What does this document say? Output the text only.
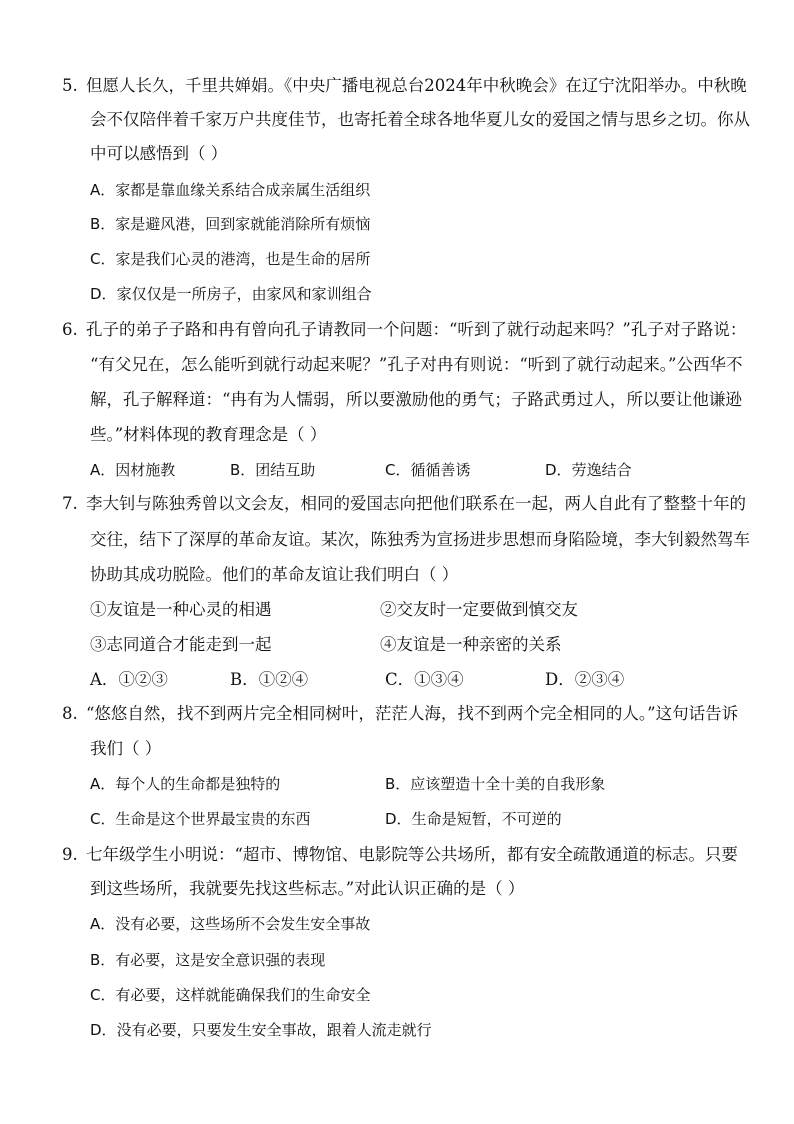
5. 但愿人长久，千里共婵娟。《中央广播电视总台2024年中秋晚会》在辽宁沈阳举办。中秋晚
会不仅陪伴着千家万户共度佳节，也寄托着全球各地华夏儿女的爱国之情与思乡之切。你从
中可以感悟到（ ）
A．家都是靠血缘关系结合成亲属生活组织
B．家是避风港，回到家就能消除所有烦恼
C．家是我们心灵的港湾，也是生命的居所
D．家仅仅是一所房子，由家风和家训组合
6. 孔子的弟子子路和冉有曾向孔子请教同一个问题：“听到了就行动起来吗？”孔子对子路说：
“有父兄在，怎么能听到就行动起来呢？”孔子对冉有则说：“听到了就行动起来。”公西华不
解，孔子解释道：“冉有为人懦弱，所以要激励他的勇气；子路武勇过人，所以要让他谦逊
些。”材料体现的教育理念是（ ）
A．因材施教	B．团结互助	C．循循善诱	D．劳逸结合
7. 李大钊与陈独秀曾以文会友，相同的爱国志向把他们联系在一起，两人自此有了整整十年的
交往，结下了深厚的革命友谊。某次，陈独秀为宣扬进步思想而身陷险境，李大钊毅然驾车
协助其成功脱险。他们的革命友谊让我们明白（ ）
①友谊是一种心灵的相遇	②交友时一定要做到慎交友
③志同道合才能走到一起	④友谊是一种亲密的关系
A．①②③	B．①②④	C．①③④	D．②③④
8. “悠悠自然，找不到两片完全相同树叶，茫茫人海，找不到两个完全相同的人。”这句话告诉
我们（ ）
A．每个人的生命都是独特的	B．应该塑造十全十美的自我形象
C．生命是这个世界最宝贵的东西	D．生命是短暂，不可逆的
9. 七年级学生小明说：“超市、博物馆、电影院等公共场所，都有安全疏散通道的标志。只要
到这些场所，我就要先找这些标志。”对此认识正确的是（ ）
A．没有必要，这些场所不会发生安全事故
B．有必要，这是安全意识强的表现
C．有必要，这样就能确保我们的生命安全
D．没有必要，只要发生安全事故，跟着人流走就行
